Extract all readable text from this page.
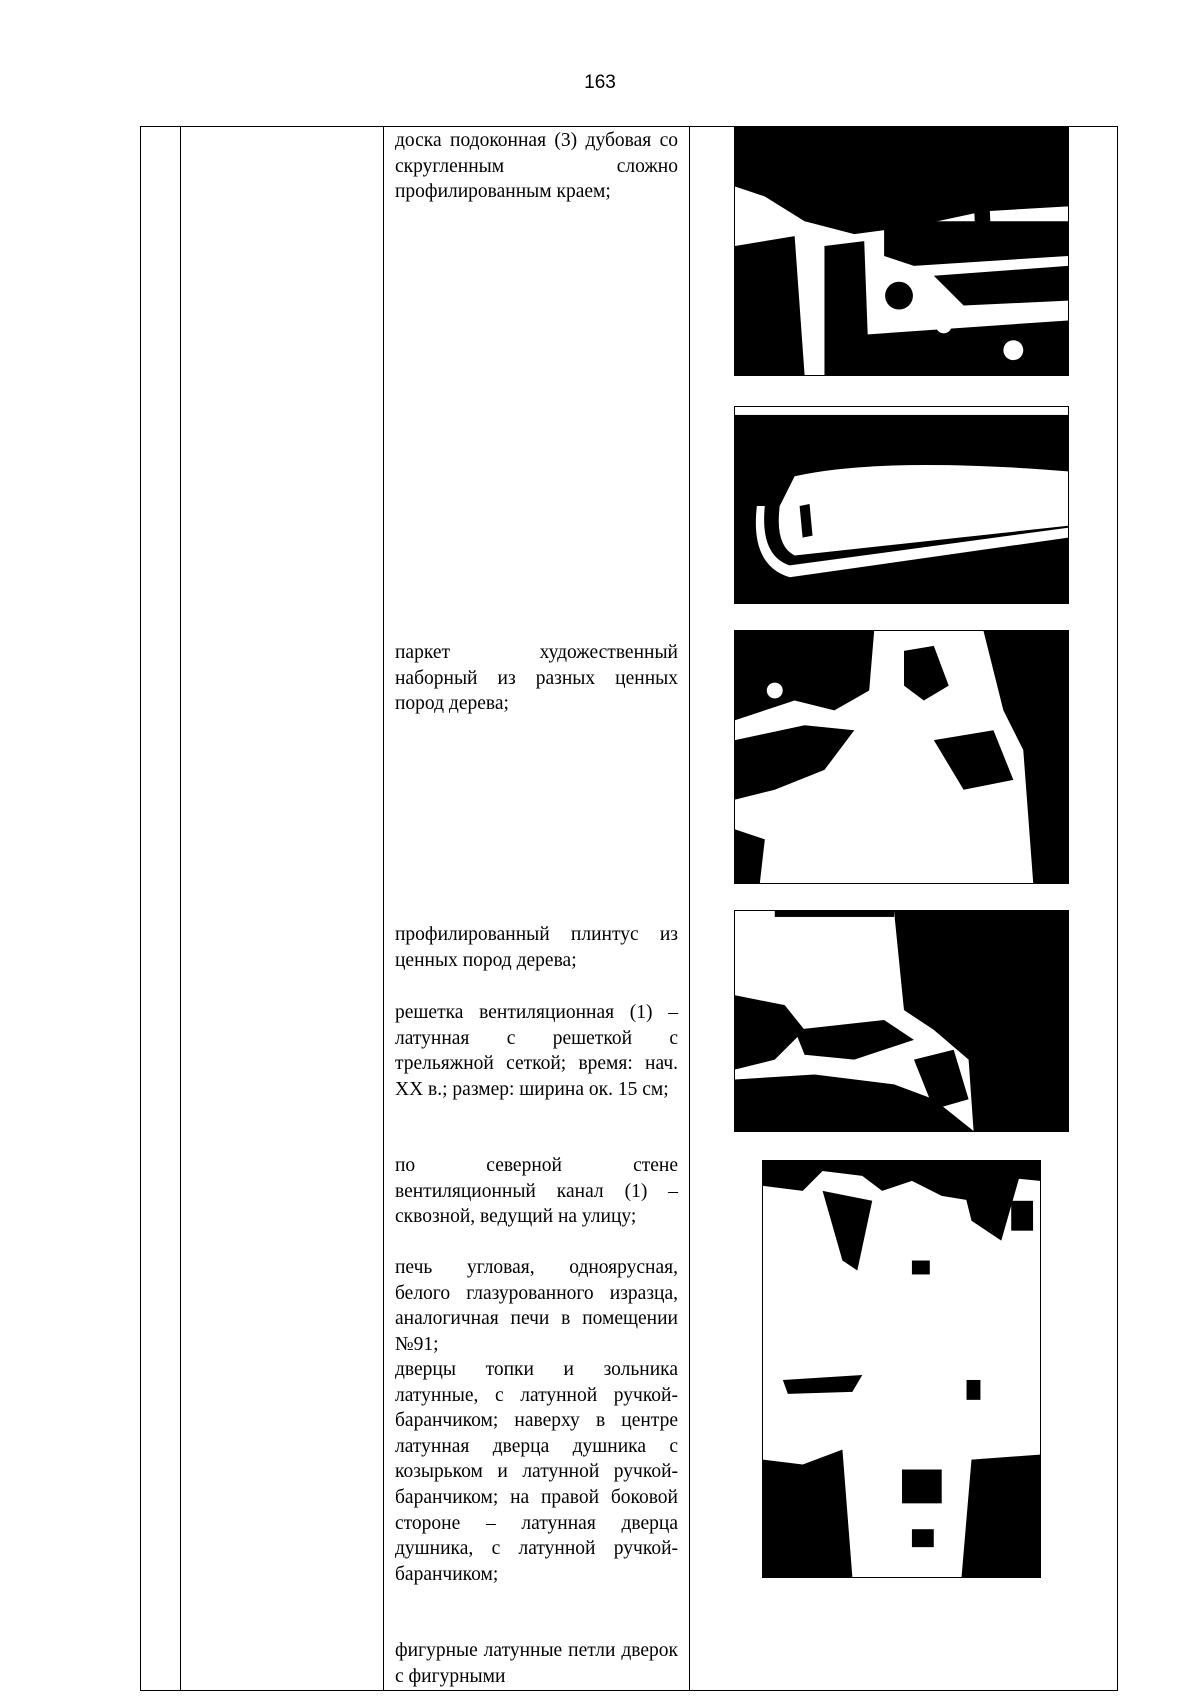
163

доска подоконная (3) дубовая со скругленным сложно профилированным краем;

паркет художественный наборный из разных ценных пород дерева;

профилированный плинтус из ценных пород дерева;

решетка вентиляционная (1) – латунная с решеткой с трельяжной сеткой; время: нач. XX в.; размер: ширина ок. 15 см;

по северной стене вентиляционный канал (1) – сквозной, ведущий на улицу;

печь угловая, одноярусная, белого глазурованного изразца, аналогичная печи в помещении №91;

дверцы топки и зольника латунные, с латунной ручкой-баранчиком; наверху в центре латунная дверца душника с козырьком и латунной ручкой-баранчиком; на правой боковой стороне – латунная дверца душника, с латунной ручкой-баранчиком;

фигурные латунные петли дверок с фигурными
